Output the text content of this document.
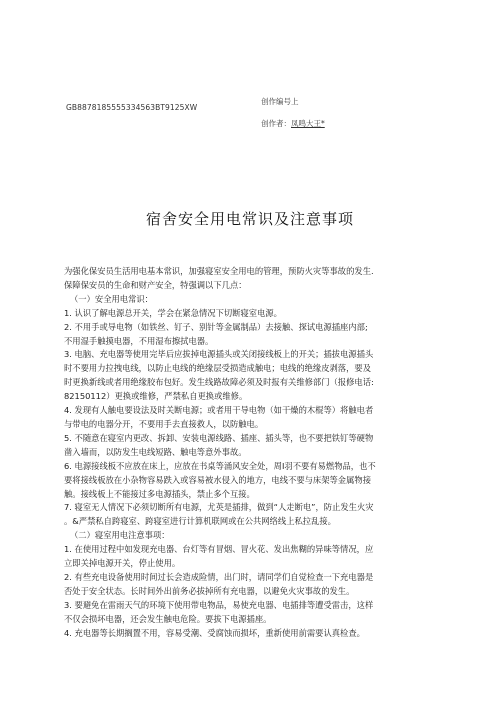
创作编号上
GB8878185555334563BT9125XW
创作者：凤鸣大王*
宿舍安全用电常识及注意事项

为强化保安员生活用电基本常识，加强寝室安全用电的管理，预防火灾等事故的发生.

保障保安员的生命和财产安全，特强调以下几点：

（一）安全用电常识：

1. 认识了解电源总开关，学会在紧急情况下切断寝室电源。

2. 不用手或导电物（如铁丝、钉子、别针等金属制品）去接触、探试电源插座内部;

不用湿手触摸电器，不用湿布擦拭电器。

3. 电脑、充电器等使用完毕后应拔掉电源插头或关闭接线板上的开关；插拔电源插头

时不要用力拉拽电线，以防止电线的绝缘层受损造成触电；电线的绝缘皮剥落，要及

时更换新线或者用绝缘胶布包好。发生线路故障必须及时报有关维修部门（报修电话:

82150112）更换或维修，严禁私自更换或维修。

4. 发现有人触电要设法及时关断电源；或者用干导电物（如干燥的木棍等）将触电者

与带电的电器分开，不要用手去直接救人，以防触电。

5. 不随意在寝室内更改、拆卸、安装电源线路、插座、插头等，也不要把铁钉等硬物

凿入墙而，以防发生电线短路、触电等意外事故。

6. 电源接线板不应放在床上，应放在书桌等涌风安全处，周I羽不要有易燃物品，也不

要将接线板放在小杂物容易跌入或容易被水侵入的地方，电线不要与床架等金属物接

触。接线板上不能接过多电源插头，禁止多个互接。

7. 寝室无人情况下必须切断所有电源，尤英是插排，做到“人走断电”，防止发生火灾

。&严禁私自跨寝室、跨寝室进行计算机联网或在公共网络线上私拉乱接。

（二）寝室用电注意事项：

1. 在使用过程中如发现充电器、台灯等有冒烟、冒火花、发出焦糊的异味等情况，应

立即关掉电源开关，停止使用。

2. 有些充电设备使用时间过长会造成险情，出门时，请同学们自觉检查一下充电器是

否处于安全状态。长时间外出前务必拔掉所有充电器，以避免火灾事故的发生。

3. 要避免在雷雨天气的环境下使用带电物品，易使充电器、电插排等遭受雷击，这样

不仅会损坏电器，还会发生触电危险。要拔下电源插座。

4. 充电器等长期搁置不用，容易受潮、受腐蚀而损坏，重新使用前需要认真检查。
